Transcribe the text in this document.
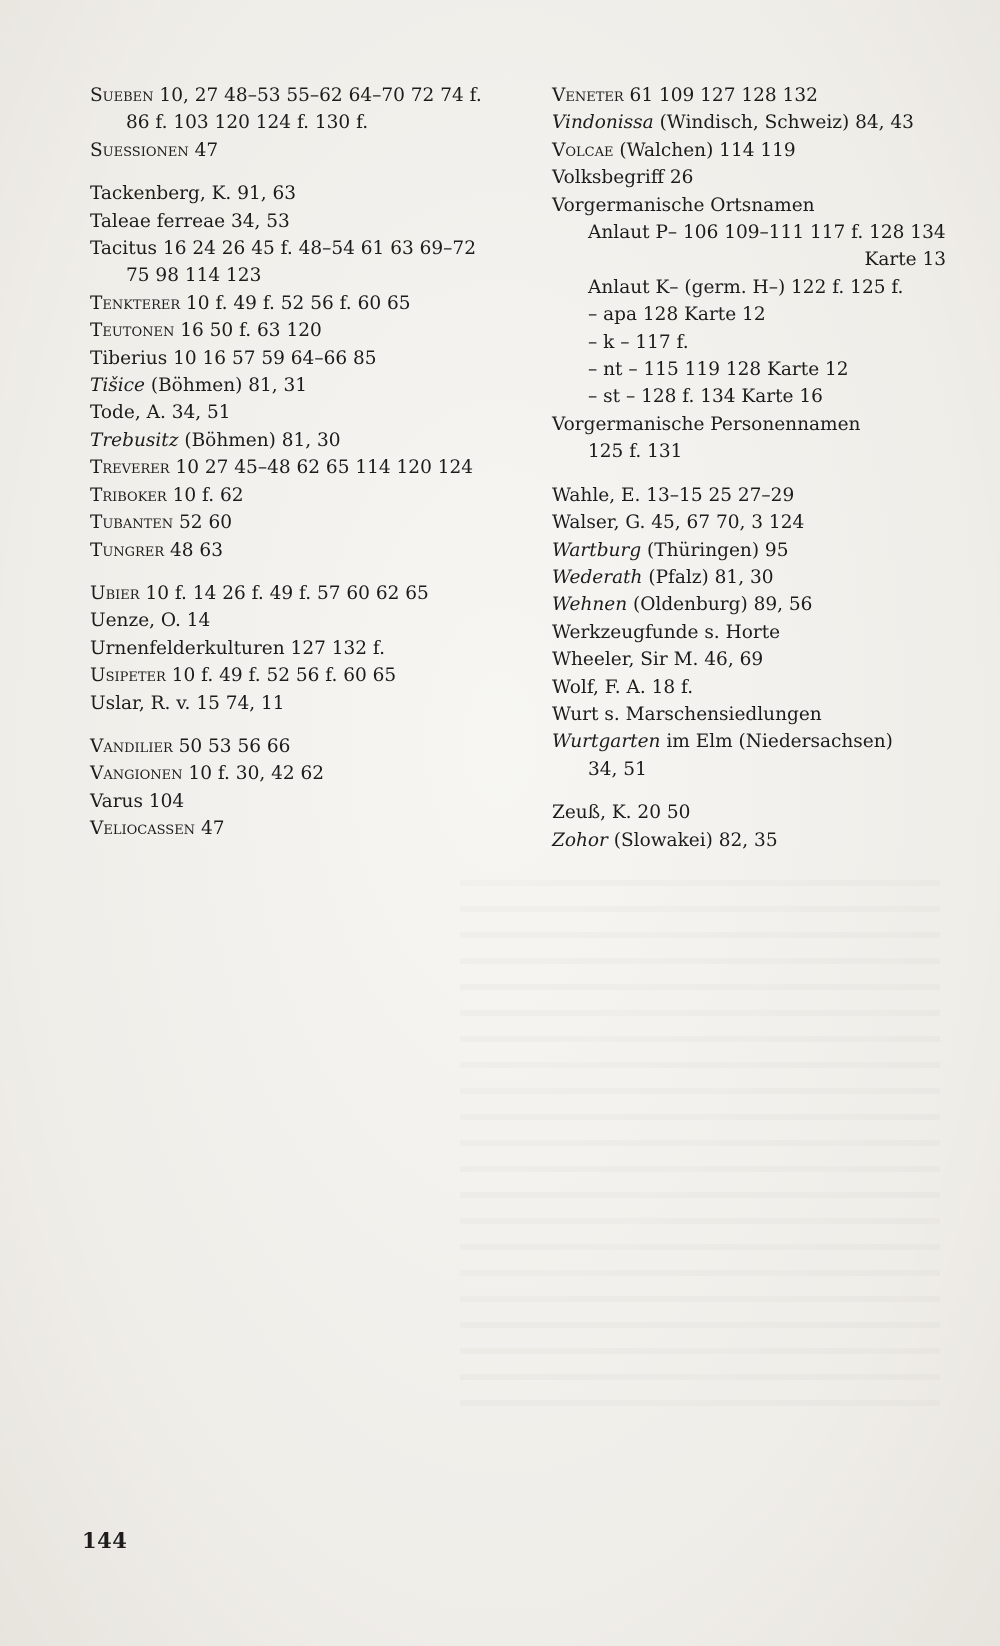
Sueben 10, 27 48–53 55–62 64–70 72 74 f.
86 f. 103 120 124 f. 130 f.
Suessionen 47
Tackenberg, K. 91, 63
Taleae ferreae 34, 53
Tacitus 16 24 26 45 f. 48–54 61 63 69–72
75 98 114 123
Tenkterer 10 f. 49 f. 52 56 f. 60 65
Teutonen 16 50 f. 63 120
Tiberius 10 16 57 59 64–66 85
Tišice (Böhmen) 81, 31
Tode, A. 34, 51
Trebusitz (Böhmen) 81, 30
Treverer 10 27 45–48 62 65 114 120 124
Triboker 10 f. 62
Tubanten 52 60
Tungrer 48 63
Ubier 10 f. 14 26 f. 49 f. 57 60 62 65
Uenze, O. 14
Urnenfelderkulturen 127 132 f.
Usipeter 10 f. 49 f. 52 56 f. 60 65
Uslar, R. v. 15 74, 11
Vandilier 50 53 56 66
Vangionen 10 f. 30, 42 62
Varus 104
Veliocassen 47
Veneter 61 109 127 128 132
Vindonissa (Windisch, Schweiz) 84, 43
Volcae (Walchen) 114 119
Volksbegriff 26
Vorgermanische Ortsnamen
Anlaut P– 106 109–111 117 f. 128 134
Karte 13
Anlaut K– (germ. H–) 122 f. 125 f.
– apa 128 Karte 12
– k – 117 f.
– nt – 115 119 128 Karte 12
– st – 128 f. 134 Karte 16
Vorgermanische Personennamen
125 f. 131
Wahle, E. 13–15 25 27–29
Walser, G. 45, 67 70, 3 124
Wartburg (Thüringen) 95
Wederath (Pfalz) 81, 30
Wehnen (Oldenburg) 89, 56
Werkzeugfunde s. Horte
Wheeler, Sir M. 46, 69
Wolf, F. A. 18 f.
Wurt s. Marschensiedlungen
Wurtgarten im Elm (Niedersachsen)
34, 51
Zeuß, K. 20 50
Zohor (Slowakei) 82, 35
144
